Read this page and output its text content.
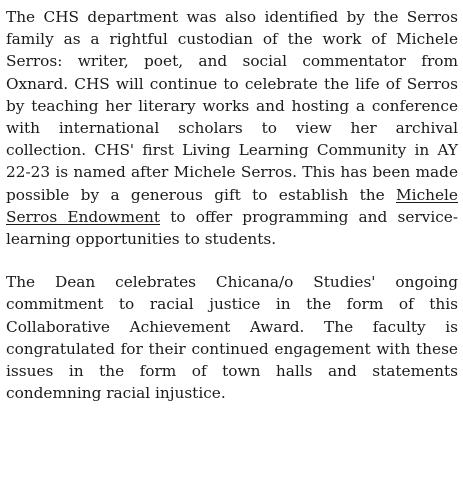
The CHS department was also identified by the Serros family as a rightful custodian of the work of Michele Serros: writer, poet, and social commentator from Oxnard. CHS will continue to celebrate the life of Serros by teaching her literary works and hosting a conference with international scholars to view her archival collection. CHS' first Living Learning Community in AY 22-23 is named after Michele Serros. This has been made possible by a generous gift to establish the Michele Serros Endowment to offer programming and service-learning opportunities to students.

The Dean celebrates Chicana/o Studies' ongoing commitment to racial justice in the form of this Collaborative Achievement Award. The faculty is congratulated for their continued engagement with these issues in the form of town halls and statements condemning racial injustice.
